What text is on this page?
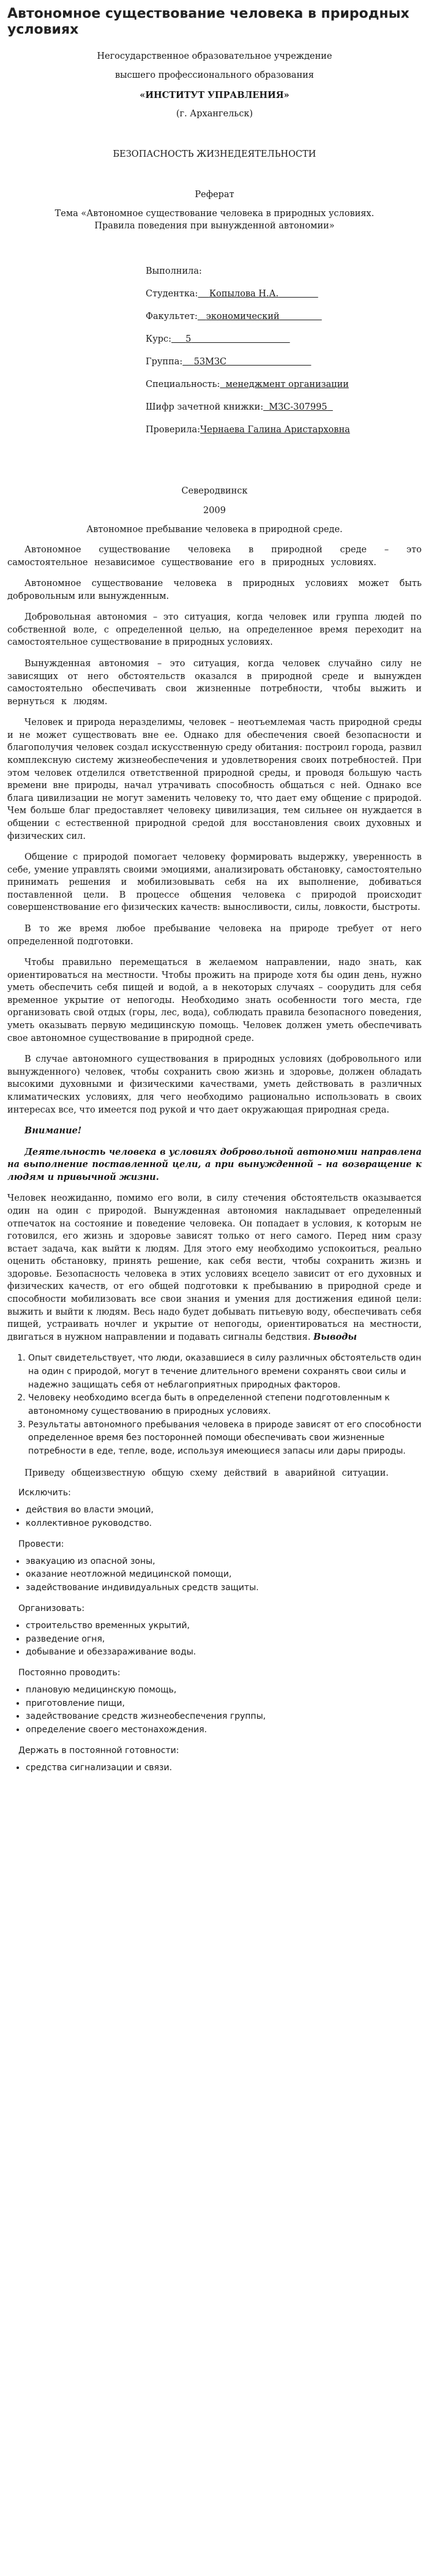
Автономное существование человека в природных условиях

Негосударственное образовательное учреждение

высшего профессионального образования

«ИНСТИТУТ УПРАВЛЕНИЯ»

(г. Архангельск)

БЕЗОПАСНОСТЬ ЖИЗНЕДЕЯТЕЛЬНОСТИ

Реферат

Тема «Автономное существование человека в природных условиях.

Правила поведения при вынужденной автономии»

Выполнила:
Студентка: Копылова Н.А.
Факультет: экономический
Курс: 5
Группа: 53МЗС
Специальность: менеджмент организации
Шифр зачетной книжки: МЗС-307995
Проверила:Чернаева Галина Аристарховна

Северодвинск

2009

Автономное пребывание человека в природной среде.

Автономное существование человека в природной среде – это самостоятельное независимое существование его в природных условиях.

Автономное существование человека в природных условиях может быть добровольным или вынужденным.

Добровольная автономия – это ситуация, когда человек или группа людей по собственной воле, с определенной целью, на определенное время переходит на самостоятельное существование в природных условиях.

Вынужденная автономия – это ситуация, когда человек случайно силу не зависящих от него обстоятельств оказался в природной среде и вынужден самостоятельно обеспечивать свои жизненные потребности, чтобы выжить и вернуться к людям.

Человек и природа неразделимы, человек – неотъемлемая часть природной среды и не может существовать вне ее. Однако для обеспечения своей безопасности и благополучия человек создал искусственную среду обитания: построил города, развил комплексную систему жизнеобеспечения и удовлетворения своих потребностей. При этом человек отделился ответственной природной среды, и проводя большую часть времени вне природы, начал утрачивать способность общаться с ней. Однако все блага цивилизации не могут заменить человеку то, что дает ему общение с природой. Чем больше благ предоставляет человеку цивилизация, тем сильнее он нуждается в общении с естественной природной средой для восстановления своих духовных и физических сил.

Общение с природой помогает человеку формировать выдержку, уверенность в себе, умение управлять своими эмоциями, анализировать обстановку, самостоятельно принимать решения и мобилизовывать себя на их выполнение, добиваться поставленной цели. В процессе общения человека с природой происходит совершенствование его физических качеств: выносливости, силы, ловкости, быстроты.

В то же время любое пребывание человека на природе требует от него определенной подготовки.

Чтобы правильно перемещаться в желаемом направлении, надо знать, как ориентироваться на местности. Чтобы прожить на природе хотя бы один день, нужно уметь обеспечить себя пищей и водой, а в некоторых случаях – соорудить для себя временное укрытие от непогоды. Необходимо знать особенности того места, где организовать свой отдых (горы, лес, вода), соблюдать правила безопасного поведения, уметь оказывать первую медицинскую помощь. Человек должен уметь обеспечивать свое автономное существование в природной среде.

В случае автономного существования в природных условиях (добровольного или вынужденного) человек, чтобы сохранить свою жизнь и здоровье, должен обладать высокими духовными и физическими качествами, уметь действовать в различных климатических условиях, для чего необходимо рационально использовать в своих интересах все, что имеется под рукой и что дает окружающая природная среда.

Внимание!

Деятельность человека в условиях добровольной автономии направлена на выполнение поставленной цели, а при вынужденной – на возвращение к людям и привычной жизни.

Человек неожиданно, помимо его воли, в силу стечения обстоятельств оказывается один на один с природой. Вынужденная автономия накладывает определенный отпечаток на состояние и поведение человека. Он попадает в условия, к которым не готовился, его жизнь и здоровье зависят только от него самого. Перед ним сразу встает задача, как выйти к людям. Для этого ему необходимо успокоиться, реально оценить обстановку, принять решение, как себя вести, чтобы сохранить жизнь и здоровье. Безопасность человека в этих условиях всецело зависит от его духовных и физических качеств, от его общей подготовки к пребыванию в природной среде и способности мобилизовать все свои знания и умения для достижения единой цели: выжить и выйти к людям. Весь надо будет добывать питьевую воду, обеспечивать себя пищей, устраивать ночлег и укрытие от непогоды, ориентироваться на местности, двигаться в нужном направлении и подавать сигналы бедствия. Выводы

1. Опыт свидетельствует, что люди, оказавшиеся в силу различных обстоятельств один на один с природой, могут в течение длительного времени сохранять свои силы и надежно защищать себя от неблагоприятных природных факторов.
2. Человеку необходимо всегда быть в определенной степени подготовленным к автономному существованию в природных условиях.
3. Результаты автономного пребывания человека в природе зависят от его способности определенное время без посторонней помощи обеспечивать свои жизненные потребности в еде, тепле, воде, используя имеющиеся запасы или дары природы.

Приведу общеизвестную общую схему действий в аварийной ситуации.

Исключить:
• действия во власти эмоций,
• коллективное руководство.
Провести:
• эвакуацию из опасной зоны,
• оказание неотложной медицинской помощи,
• задействование индивидуальных средств защиты.
Организовать:
• строительство временных укрытий,
• разведение огня,
• добывание и обеззараживание воды.
Постоянно проводить:
• плановую медицинскую помощь,
• приготовление пищи,
• задействование средств жизнеобеспечения группы,
• определение своего местонахождения.
Держать в постоянной готовности:
• средства сигнализации и связи.
